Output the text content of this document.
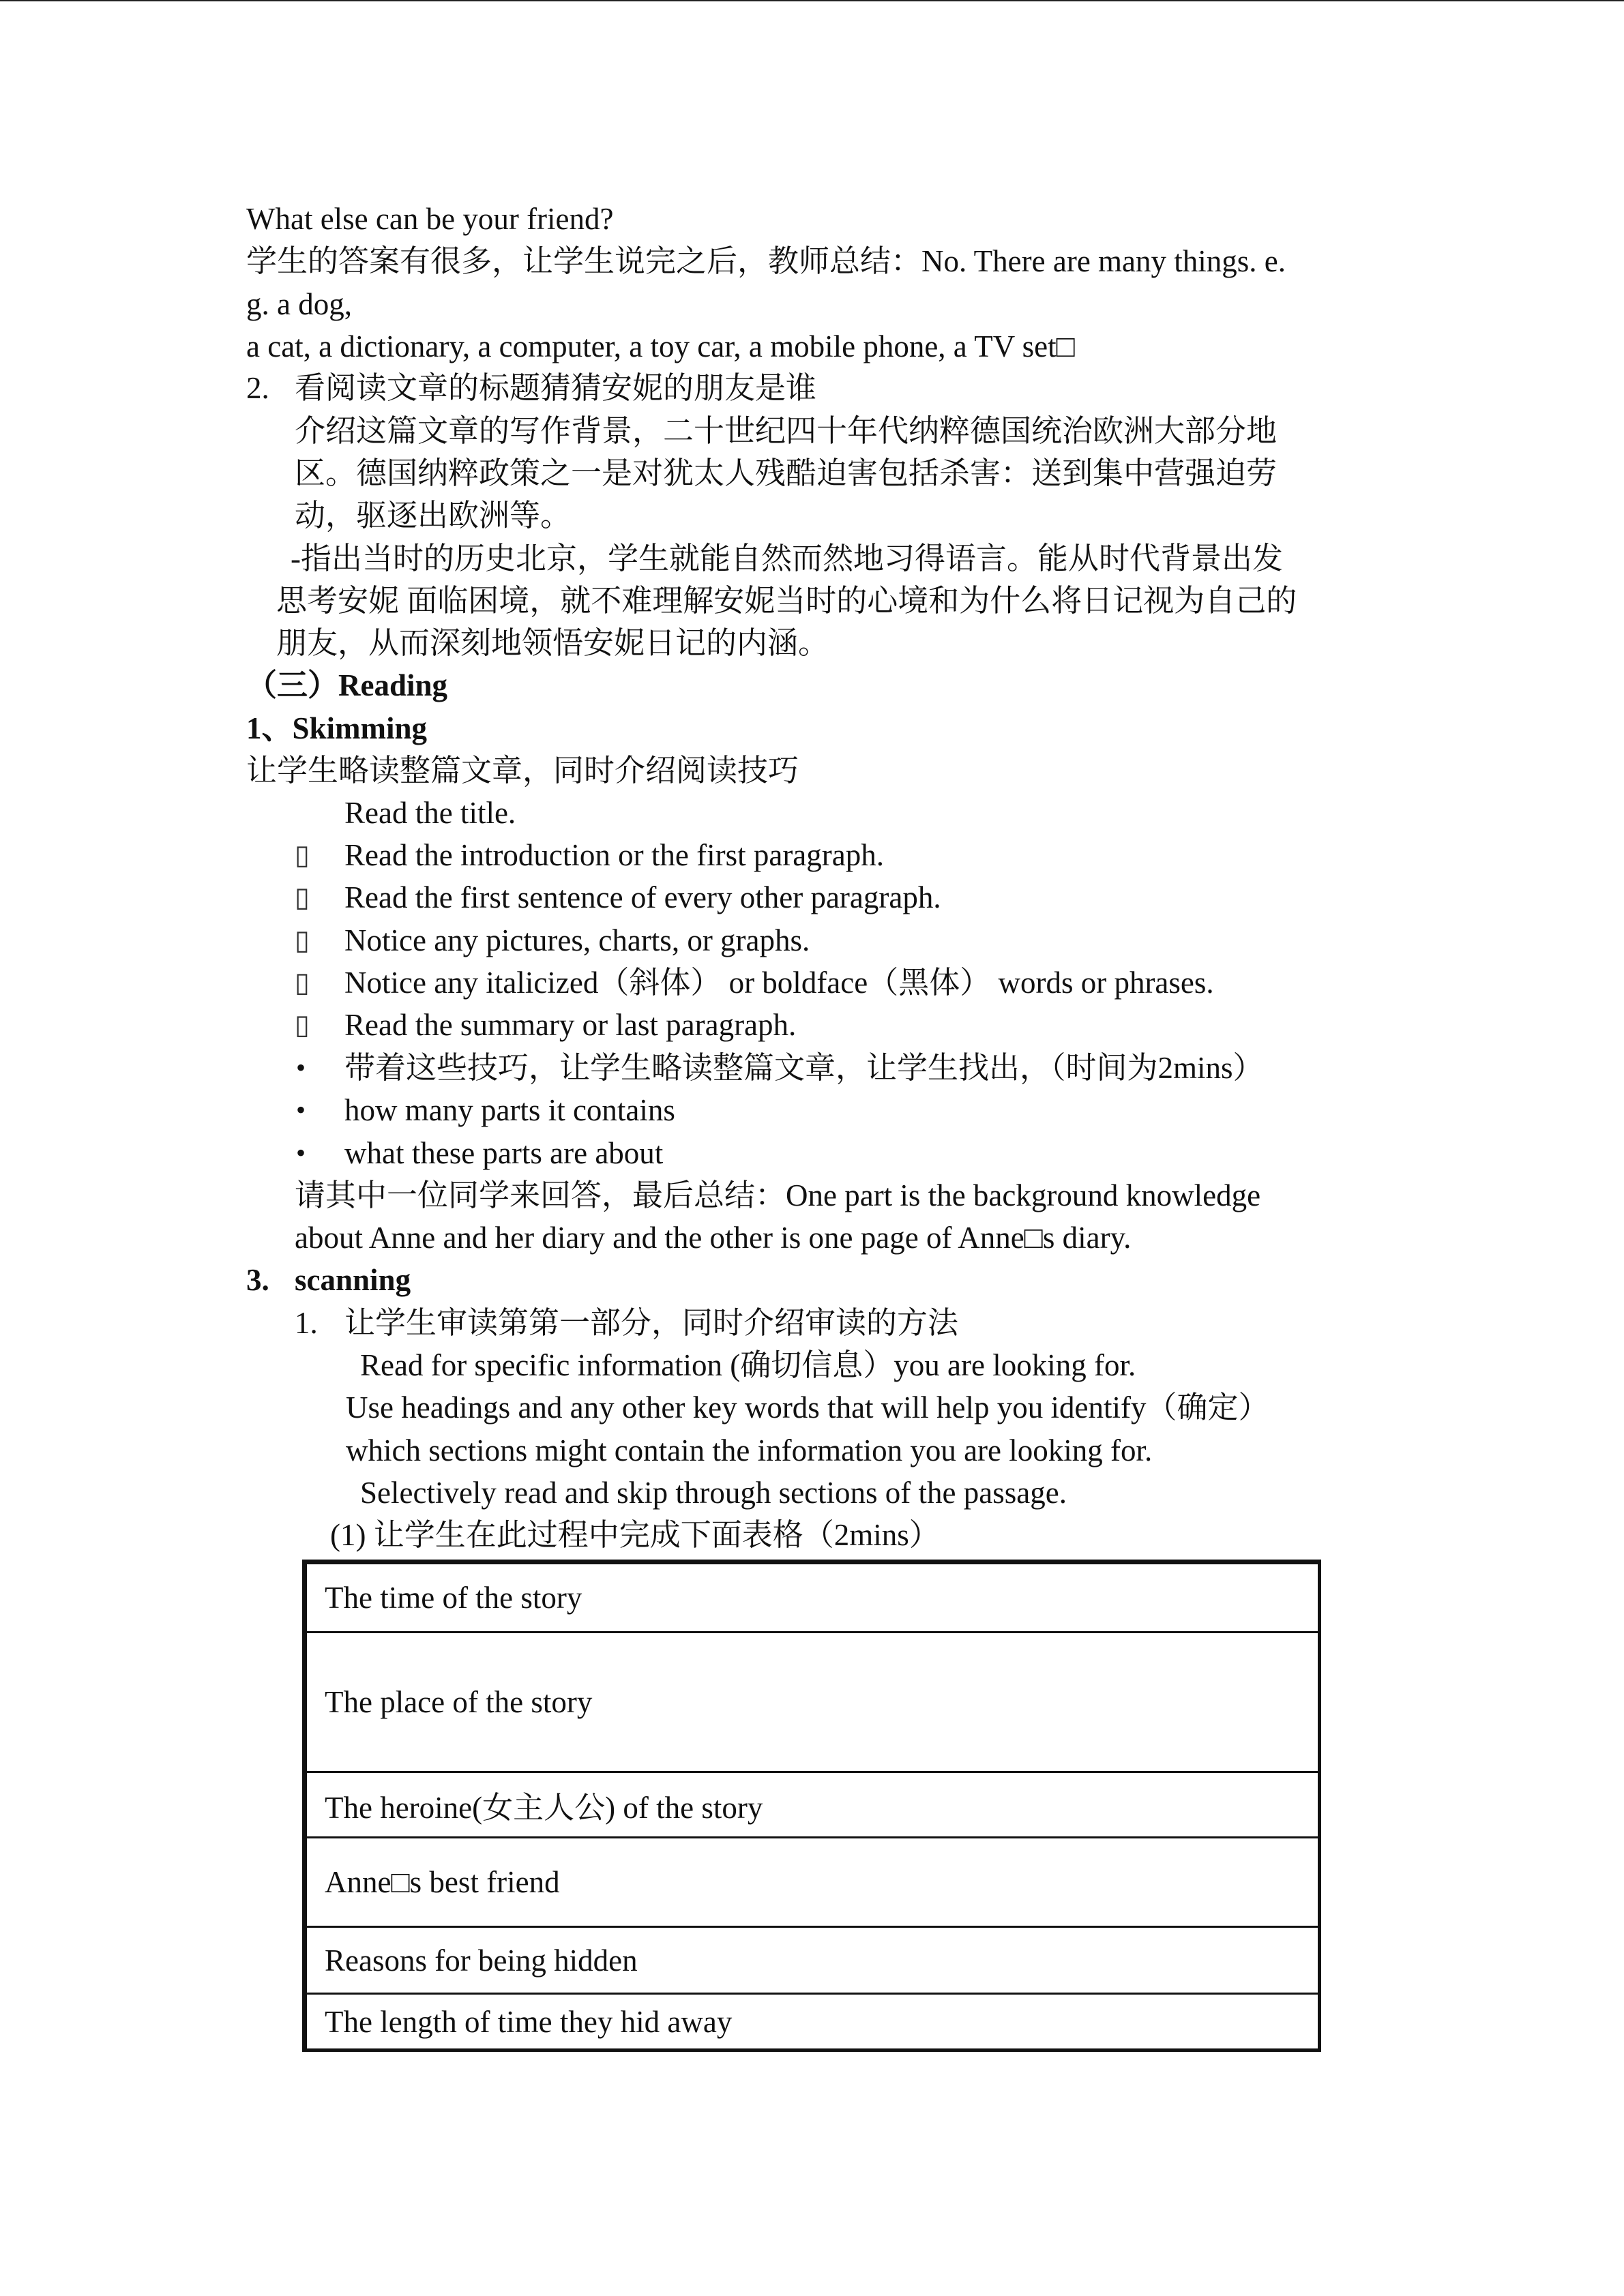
What else can be your friend?
学生的答案有很多，让学生说完之后，教师总结：No. There are many things. e.
g. a dog,
a cat, a dictionary, a computer, a toy car, a mobile phone, a TV set□
2. 看阅读文章的标题猜猜安妮的朋友是谁
介绍这篇文章的写作背景，二十世纪四十年代纳粹德国统治欧洲大部分地
区。德国纳粹政策之一是对犹太人残酷迫害包括杀害：送到集中营强迫劳
动，驱逐出欧洲等。
-指出当时的历史北京，学生就能自然而然地习得语言。能从时代背景出发
思考安妮 面临困境，就不难理解安妮当时的心境和为什么将日记视为自己的
朋友，从而深刻地领悟安妮日记的内涵。
（三）Reading
1、Skimming
让学生略读整篇文章，同时介绍阅读技巧
Read the title.
▯ Read the introduction or the first paragraph.
▯ Read the first sentence of every other paragraph.
▯ Notice any pictures, charts, or graphs.
▯ Notice any italicized（斜体） or boldface（黑体） words or phrases.
▯ Read the summary or last paragraph.
• 带着这些技巧，让学生略读整篇文章，让学生找出，（时间为2mins）
• how many parts it contains
• what these parts are about
请其中一位同学来回答，最后总结：One part is the background knowledge
about Anne and her diary and the other is one page of Anne□s diary.
3. scanning
1. 让学生审读第第一部分，同时介绍审读的方法
Read for specific information (确切信息）you are looking for.
Use headings and any other key words that will help you identify（确定）
which sections might contain the information you are looking for.
Selectively read and skip through sections of the passage.
(1) 让学生在此过程中完成下面表格（2mins）
The time of the story
The place of the story
The heroine(女主人公) of the story
Anne□s best friend
Reasons for being hidden
The length of time they hid away
